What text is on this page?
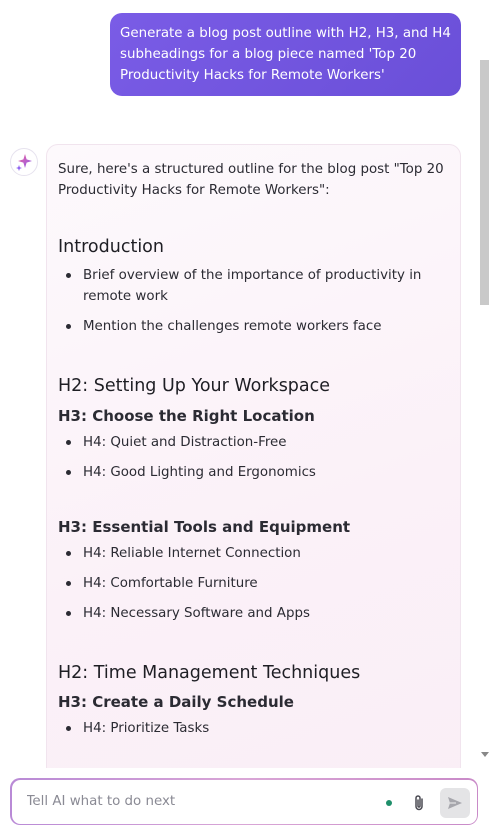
Generate a blog post outline with H2, H3, and H4 subheadings for a blog piece named 'Top 20 Productivity Hacks for Remote Workers'

Sure, here's a structured outline for the blog post "Top 20 Productivity Hacks for Remote Workers":

Introduction
Brief overview of the importance of productivity in remote work
Mention the challenges remote workers face
H2: Setting Up Your Workspace
H3: Choose the Right Location
H4: Quiet and Distraction-Free
H4: Good Lighting and Ergonomics
H3: Essential Tools and Equipment
H4: Reliable Internet Connection
H4: Comfortable Furniture
H4: Necessary Software and Apps
H2: Time Management Techniques
H3: Create a Daily Schedule
H4: Prioritize Tasks
Tell AI what to do next
